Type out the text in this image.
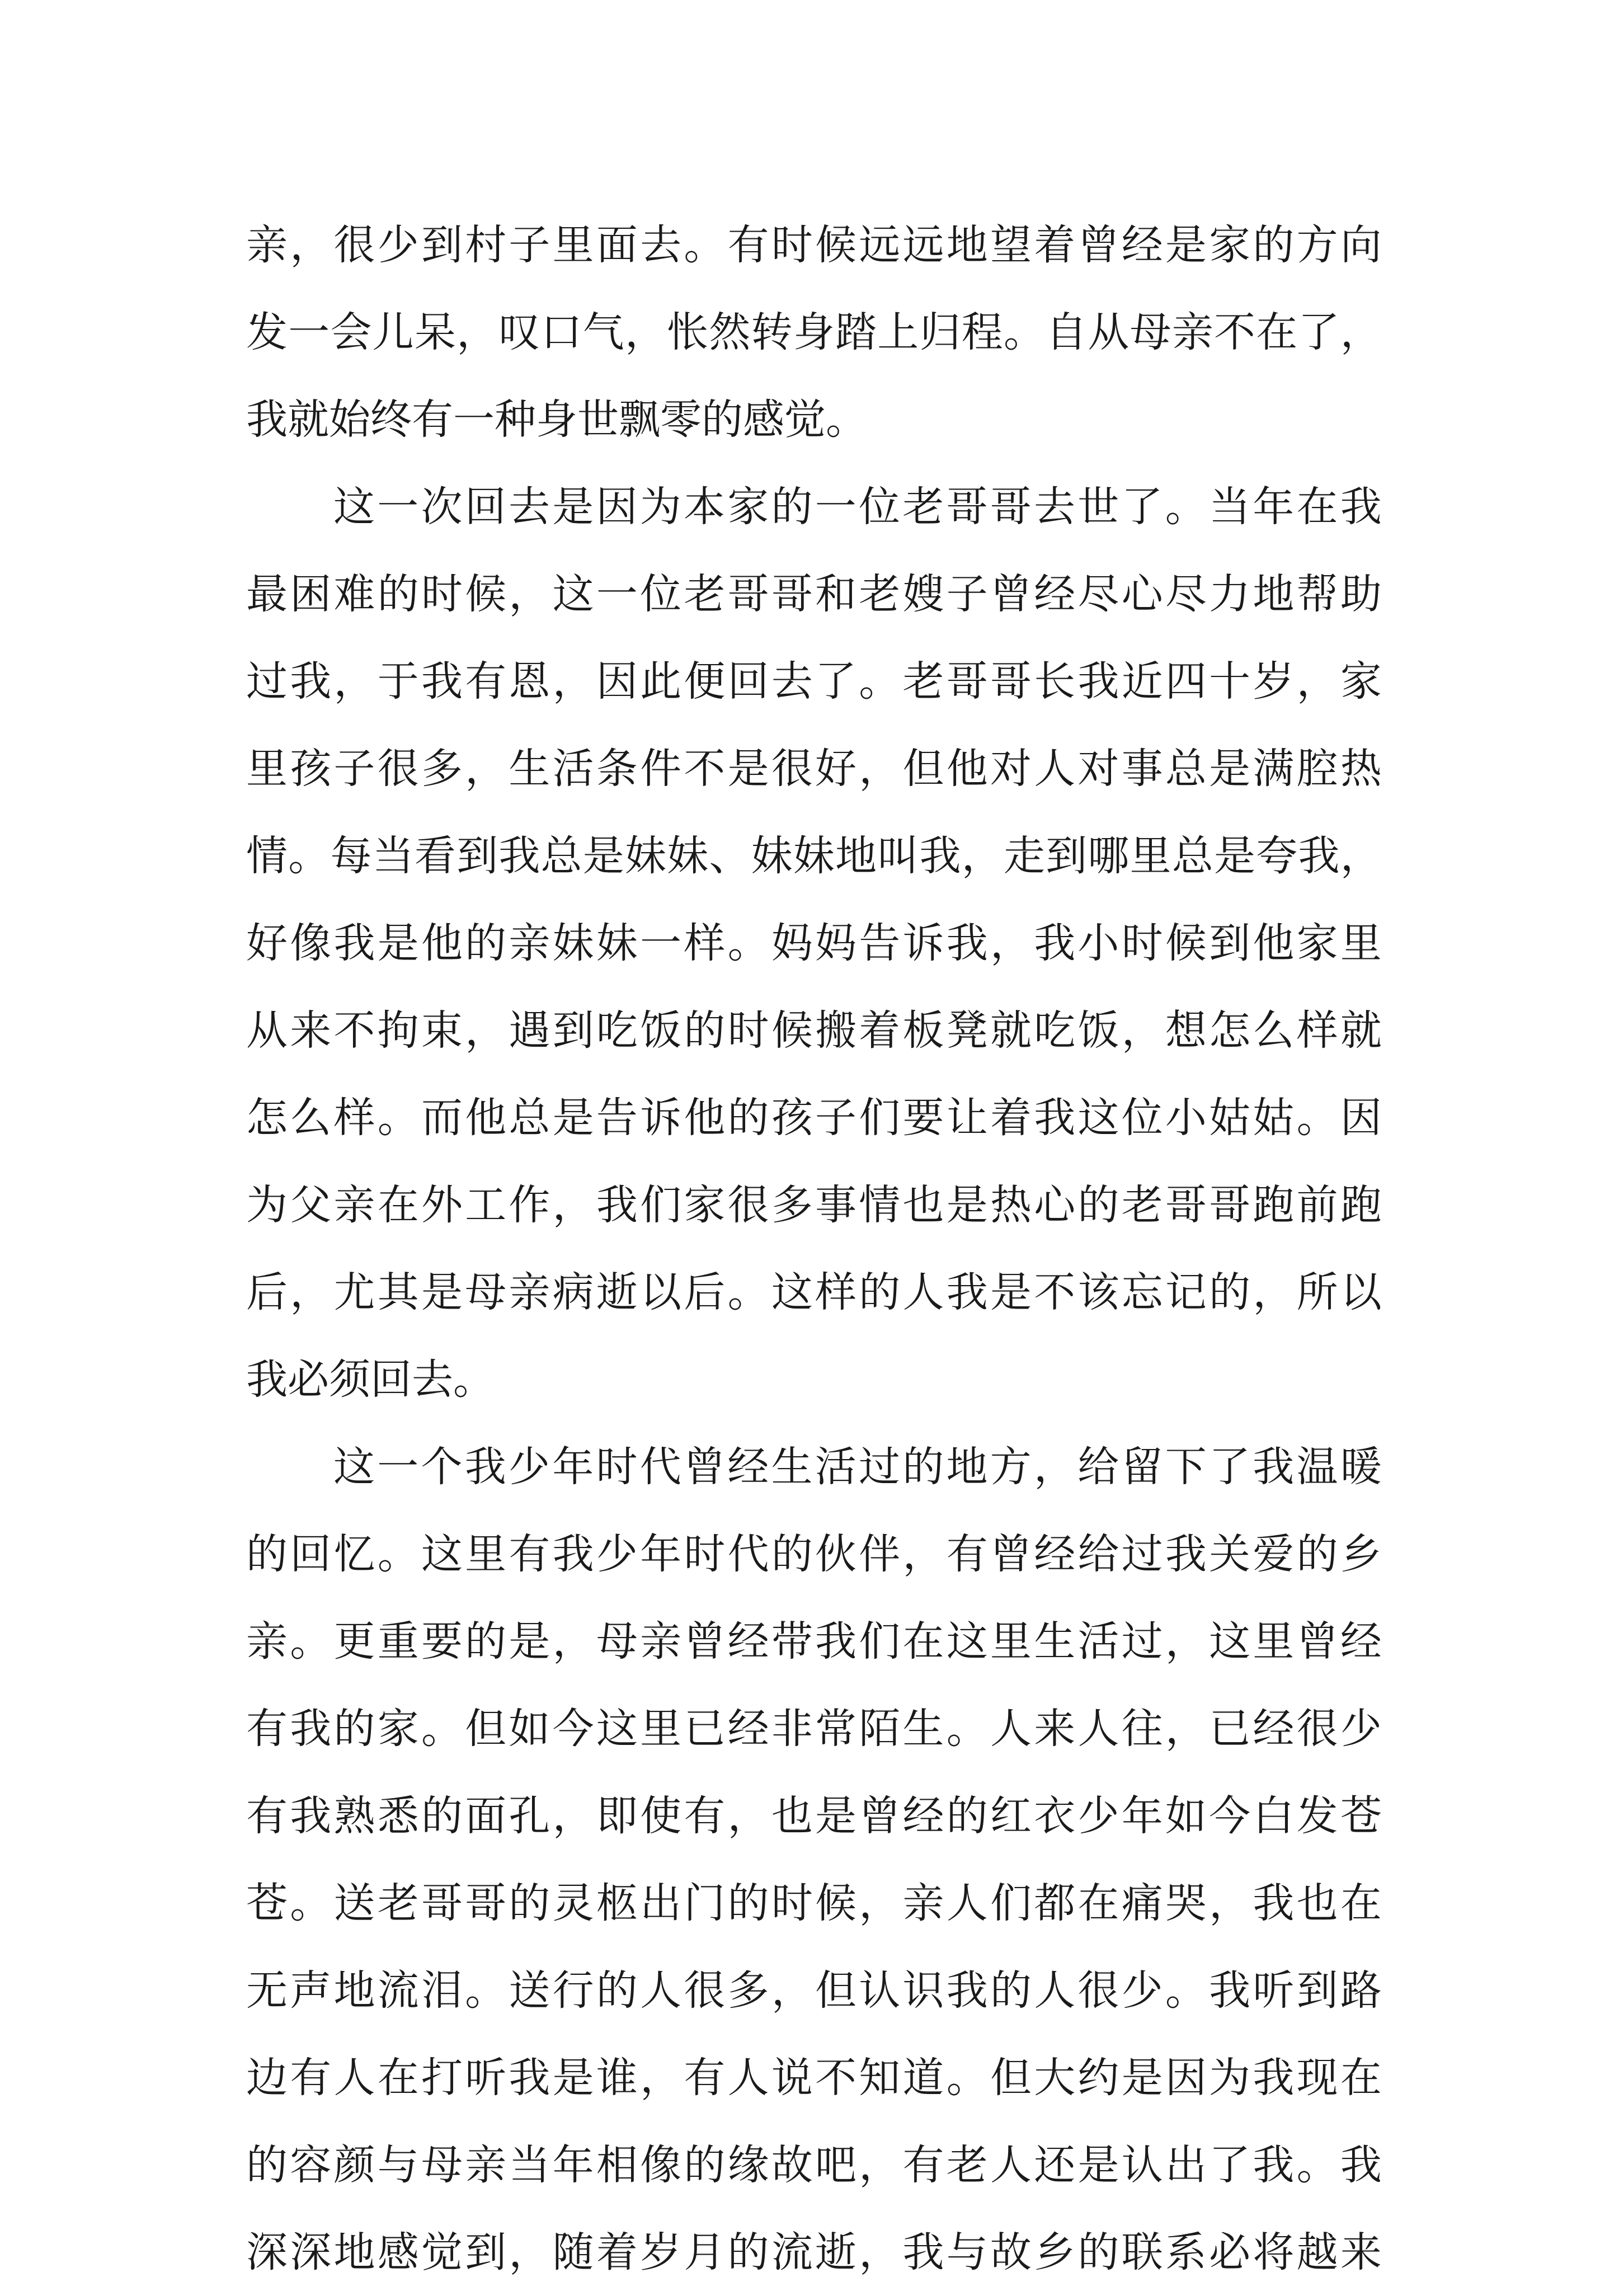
亲 ， 很 少 到 村 子 里 面 去 。 有 时 候 远 远 地 望 着 曾 经 是 家 的 方 向
发 一 会 儿 呆 ， 叹 口 气 ， 怅 然 转 身 踏 上 归 程 。 自 从 母 亲 不 在 了 ，
我就始终有一种身世飘零的感觉。
这 一 次 回 去 是 因 为 本 家 的 一 位 老 哥 哥 去 世 了 。 当 年 在 我
最 困 难 的 时 候 ， 这 一 位 老 哥 哥 和 老 嫂 子 曾 经 尽 心 尽 力 地 帮 助
过 我 ， 于 我 有 恩 ， 因 此 便 回 去 了 。 老 哥 哥 长 我 近 四 十 岁 ， 家
里 孩 子 很 多 ， 生 活 条 件 不 是 很 好 ， 但 他 对 人 对 事 总 是 满 腔 热
情 。 每 当 看 到 我 总 是 妹 妹 、 妹 妹 地 叫 我 ， 走 到 哪 里 总 是 夸 我 ，
好 像 我 是 他 的 亲 妹 妹 一 样 。 妈 妈 告 诉 我 ， 我 小 时 候 到 他 家 里
从 来 不 拘 束 ， 遇 到 吃 饭 的 时 候 搬 着 板 凳 就 吃 饭 ， 想 怎 么 样 就
怎 么 样 。 而 他 总 是 告 诉 他 的 孩 子 们 要 让 着 我 这 位 小 姑 姑 。 因
为 父 亲 在 外 工 作 ， 我 们 家 很 多 事 情 也 是 热 心 的 老 哥 哥 跑 前 跑
后 ， 尤 其 是 母 亲 病 逝 以 后 。 这 样 的 人 我 是 不 该 忘 记 的 ， 所 以
我必须回去。
这 一 个 我 少 年 时 代 曾 经 生 活 过 的 地 方 ， 给 留 下 了 我 温 暖
的 回 忆 。 这 里 有 我 少 年 时 代 的 伙 伴 ， 有 曾 经 给 过 我 关 爱 的 乡
亲 。 更 重 要 的 是 ， 母 亲 曾 经 带 我 们 在 这 里 生 活 过 ， 这 里 曾 经
有 我 的 家 。 但 如 今 这 里 已 经 非 常 陌 生 。 人 来 人 往 ， 已 经 很 少
有 我 熟 悉 的 面 孔 ， 即 使 有 ， 也 是 曾 经 的 红 衣 少 年 如 今 白 发 苍
苍 。 送 老 哥 哥 的 灵 柩 出 门 的 时 候 ， 亲 人 们 都 在 痛 哭 ， 我 也 在
无 声 地 流 泪 。 送 行 的 人 很 多 ， 但 认 识 我 的 人 很 少 。 我 听 到 路
边 有 人 在 打 听 我 是 谁 ， 有 人 说 不 知 道 。 但 大 约 是 因 为 我 现 在
的 容 颜 与 母 亲 当 年 相 像 的 缘 故 吧 ， 有 老 人 还 是 认 出 了 我 。 我
深 深 地 感 觉 到 ， 随 着 岁 月 的 流 逝 ， 我 与 故 乡 的 联 系 必 将 越 来
